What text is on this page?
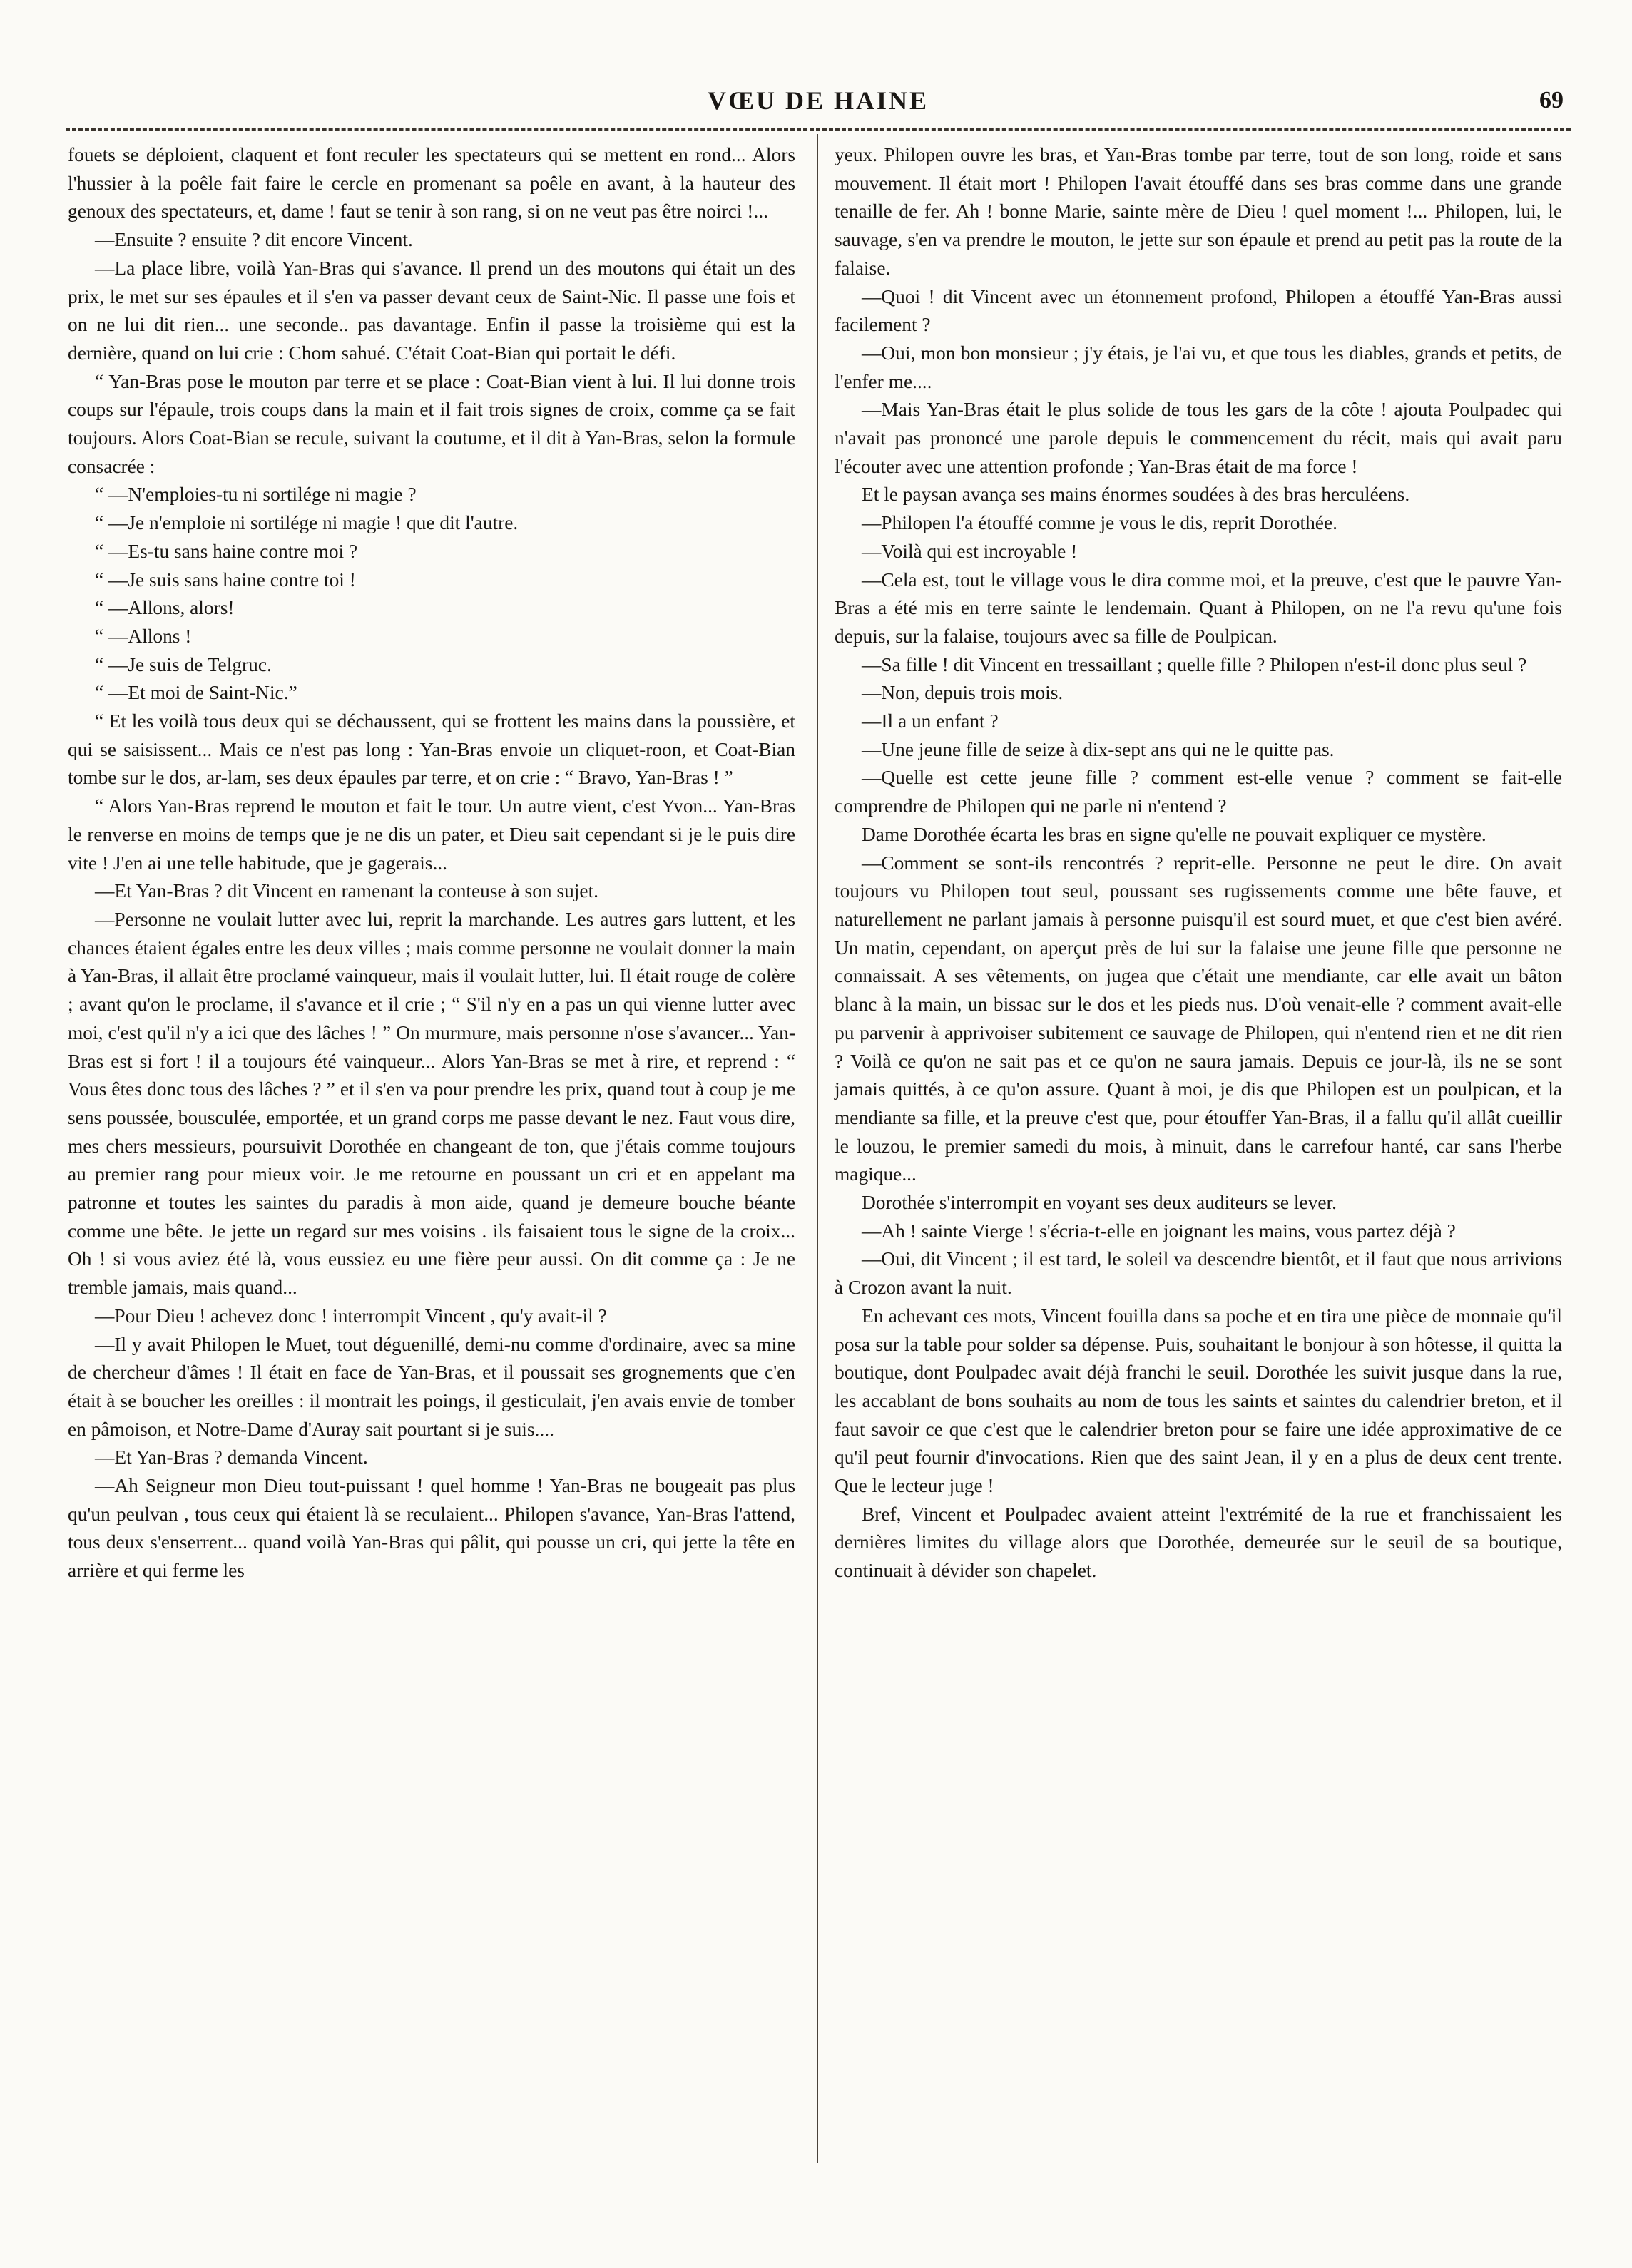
VŒU DE HAINE	69

fouets se déploient, claquent et font reculer les spectateurs qui se mettent en rond... Alors l'hussier à la poêle fait faire le cercle en promenant sa poêle en avant, à la hauteur des genoux des spectateurs, et, dame ! faut se tenir à son rang, si on ne veut pas être noirci !...

—Ensuite ? ensuite ? dit encore Vincent.

—La place libre, voilà Yan-Bras qui s'avance. Il prend un des moutons qui était un des prix, le met sur ses épaules et il s'en va passer devant ceux de Saint-Nic. Il passe une fois et on ne lui dit rien... une seconde.. pas davantage. Enfin il passe la troisième qui est la dernière, quand on lui crie : Chom sahué. C'était Coat-Bian qui portait le défi.

“ Yan-Bras pose le mouton par terre et se place : Coat-Bian vient à lui. Il lui donne trois coups sur l'épaule, trois coups dans la main et il fait trois signes de croix, comme ça se fait toujours. Alors Coat-Bian se recule, suivant la coutume, et il dit à Yan-Bras, selon la formule consacrée :

“ —N'emploies-tu ni sortilége ni magie ?

“ —Je n'emploie ni sortilége ni magie ! que dit l'autre.

“ —Es-tu sans haine contre moi ?

“ —Je suis sans haine contre toi !

“ —Allons, alors!

“ —Allons !

“ —Je suis de Telgruc.

“ —Et moi de Saint-Nic.”

“ Et les voilà tous deux qui se déchaussent, qui se frottent les mains dans la poussière, et qui se saisissent... Mais ce n'est pas long : Yan-Bras envoie un cliquet-roon, et Coat-Bian tombe sur le dos, ar-lam, ses deux épaules par terre, et on crie : “ Bravo, Yan-Bras ! ”

“ Alors Yan-Bras reprend le mouton et fait le tour. Un autre vient, c'est Yvon... Yan-Bras le renverse en moins de temps que je ne dis un pater, et Dieu sait cependant si je le puis dire vite ! J'en ai une telle habitude, que je gagerais...

—Et Yan-Bras ? dit Vincent en ramenant la conteuse à son sujet.

—Personne ne voulait lutter avec lui, reprit la marchande. Les autres gars luttent, et les chances étaient égales entre les deux villes ; mais comme personne ne voulait donner la main à Yan-Bras, il allait être proclamé vainqueur, mais il voulait lutter, lui. Il était rouge de colère ; avant qu'on le proclame, il s'avance et il crie ; “ S'il n'y en a pas un qui vienne lutter avec moi, c'est qu'il n'y a ici que des lâches ! ” On murmure, mais personne n'ose s'avancer... Yan-Bras est si fort ! il a toujours été vainqueur... Alors Yan-Bras se met à rire, et reprend : “ Vous êtes donc tous des lâches ? ” et il s'en va pour prendre les prix, quand tout à coup je me sens poussée, bousculée, emportée, et un grand corps me passe devant le nez. Faut vous dire, mes chers messieurs, poursuivit Dorothée en changeant de ton, que j'étais comme toujours au premier rang pour mieux voir. Je me retourne en poussant un cri et en appelant ma patronne et toutes les saintes du paradis à mon aide, quand je demeure bouche béante comme une bête. Je jette un regard sur mes voisins . ils faisaient tous le signe de la croix... Oh ! si vous aviez été là, vous eussiez eu une fière peur aussi. On dit comme ça : Je ne tremble jamais, mais quand...

—Pour Dieu ! achevez donc ! interrompit Vincent , qu'y avait-il ?

—Il y avait Philopen le Muet, tout déguenillé, demi-nu comme d'ordinaire, avec sa mine de chercheur d'âmes ! Il était en face de Yan-Bras, et il poussait ses grognements que c'en était à se boucher les oreilles : il montrait les poings, il gesticulait, j'en avais envie de tomber en pâmoison, et Notre-Dame d'Auray sait pourtant si je suis....

—Et Yan-Bras ? demanda Vincent.

—Ah Seigneur mon Dieu tout-puissant ! quel homme ! Yan-Bras ne bougeait pas plus qu'un peulvan , tous ceux qui étaient là se reculaient... Philopen s'avance, Yan-Bras l'attend, tous deux s'enserrent... quand voilà Yan-Bras qui pâlit, qui pousse un cri, qui jette la tête en arrière et qui ferme les

yeux. Philopen ouvre les bras, et Yan-Bras tombe par terre, tout de son long, roide et sans mouvement. Il était mort ! Philopen l'avait étouffé dans ses bras comme dans une grande tenaille de fer. Ah ! bonne Marie, sainte mère de Dieu ! quel moment !... Philopen, lui, le sauvage, s'en va prendre le mouton, le jette sur son épaule et prend au petit pas la route de la falaise.

—Quoi ! dit Vincent avec un étonnement profond, Philopen a étouffé Yan-Bras aussi facilement ?

—Oui, mon bon monsieur ; j'y étais, je l'ai vu, et que tous les diables, grands et petits, de l'enfer me....

—Mais Yan-Bras était le plus solide de tous les gars de la côte ! ajouta Poulpadec qui n'avait pas prononcé une parole depuis le commencement du récit, mais qui avait paru l'écouter avec une attention profonde ; Yan-Bras était de ma force !

Et le paysan avança ses mains énormes soudées à des bras herculéens.

—Philopen l'a étouffé comme je vous le dis, reprit Dorothée.

—Voilà qui est incroyable !

—Cela est, tout le village vous le dira comme moi, et la preuve, c'est que le pauvre Yan-Bras a été mis en terre sainte le lendemain. Quant à Philopen, on ne l'a revu qu'une fois depuis, sur la falaise, toujours avec sa fille de Poulpican.

—Sa fille ! dit Vincent en tressaillant ; quelle fille ? Philopen n'est-il donc plus seul ?

—Non, depuis trois mois.

—Il a un enfant ?

—Une jeune fille de seize à dix-sept ans qui ne le quitte pas.

—Quelle est cette jeune fille ? comment est-elle venue ? comment se fait-elle comprendre de Philopen qui ne parle ni n'entend ?

Dame Dorothée écarta les bras en signe qu'elle ne pouvait expliquer ce mystère.

—Comment se sont-ils rencontrés ? reprit-elle. Personne ne peut le dire. On avait toujours vu Philopen tout seul, poussant ses rugissements comme une bête fauve, et naturellement ne parlant jamais à personne puisqu'il est sourd muet, et que c'est bien avéré. Un matin, cependant, on aperçut près de lui sur la falaise une jeune fille que personne ne connaissait. A ses vêtements, on jugea que c'était une mendiante, car elle avait un bâton blanc à la main, un bissac sur le dos et les pieds nus. D'où venait-elle ? comment avait-elle pu parvenir à apprivoiser subitement ce sauvage de Philopen, qui n'entend rien et ne dit rien ? Voilà ce qu'on ne sait pas et ce qu'on ne saura jamais. Depuis ce jour-là, ils ne se sont jamais quittés, à ce qu'on assure. Quant à moi, je dis que Philopen est un poulpican, et la mendiante sa fille, et la preuve c'est que, pour étouffer Yan-Bras, il a fallu qu'il allât cueillir le louzou, le premier samedi du mois, à minuit, dans le carrefour hanté, car sans l'herbe magique...

Dorothée s'interrompit en voyant ses deux auditeurs se lever.

—Ah ! sainte Vierge ! s'écria-t-elle en joignant les mains, vous partez déjà ?

—Oui, dit Vincent ; il est tard, le soleil va descendre bientôt, et il faut que nous arrivions à Crozon avant la nuit.

En achevant ces mots, Vincent fouilla dans sa poche et en tira une pièce de monnaie qu'il posa sur la table pour solder sa dépense. Puis, souhaitant le bonjour à son hôtesse, il quitta la boutique, dont Poulpadec avait déjà franchi le seuil. Dorothée les suivit jusque dans la rue, les accablant de bons souhaits au nom de tous les saints et saintes du calendrier breton, et il faut savoir ce que c'est que le calendrier breton pour se faire une idée approximative de ce qu'il peut fournir d'invocations. Rien que des saint Jean, il y en a plus de deux cent trente. Que le lecteur juge !

Bref, Vincent et Poulpadec avaient atteint l'extrémité de la rue et franchissaient les dernières limites du village alors que Dorothée, demeurée sur le seuil de sa boutique, continuait à dévider son chapelet.
